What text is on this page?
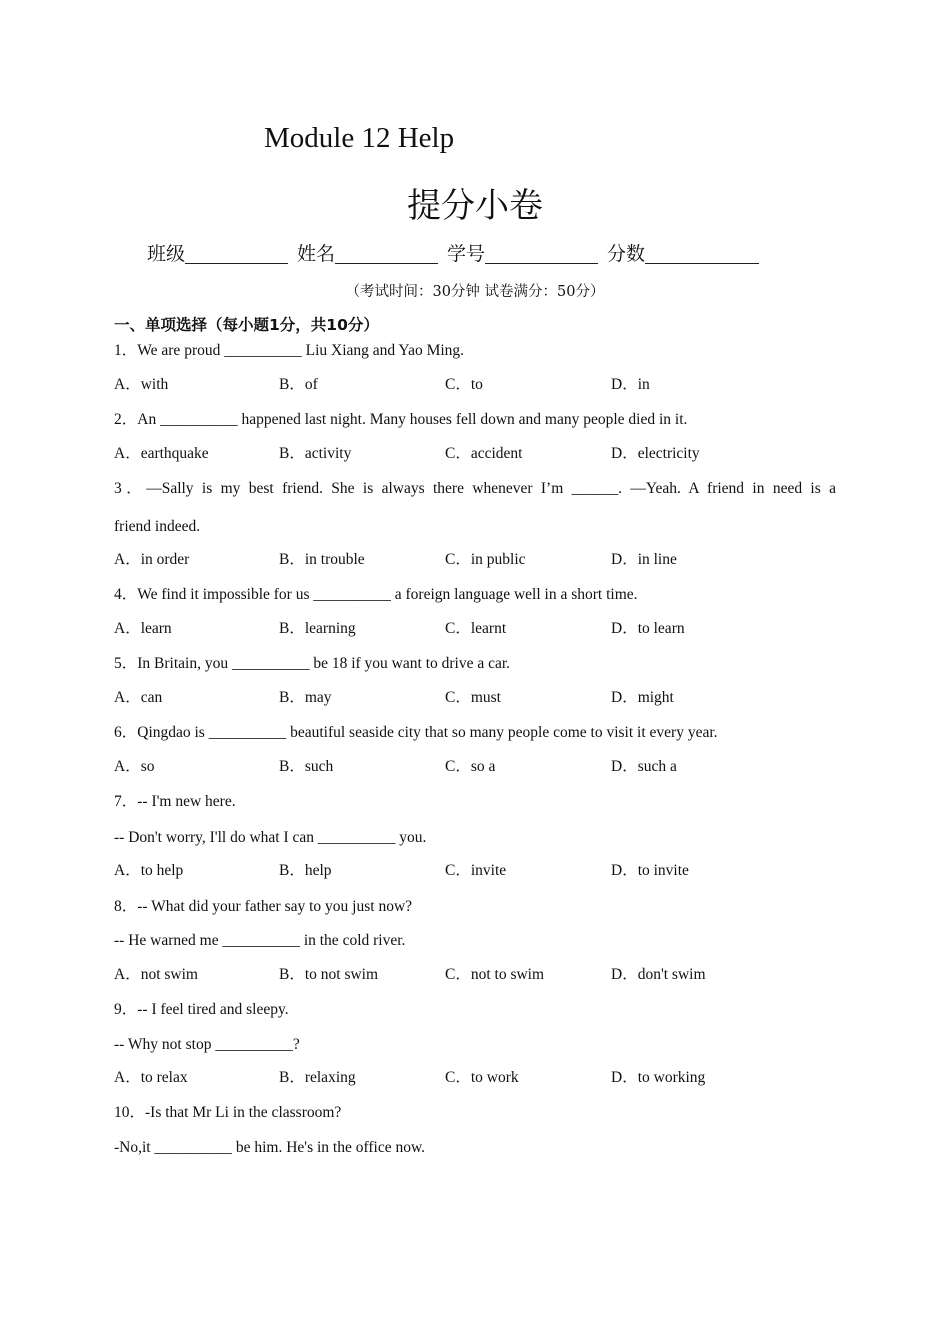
Module 12 Help
提分小卷
班级	姓名	学号	分数
（考试时间：30分钟 试卷满分：50分）
一、单项选择（每小题1分，共10分）
1．We are proud __________ Liu Xiang and Yao Ming.
A．with	B．of	C．to	D．in
2．An __________ happened last night. Many houses fell down and many people died in it.
A．earthquake	B．activity	C．accident	D．electricity
3．—Sally is my best friend. She is always there whenever I’m ______. —Yeah. A friend in need is a
friend indeed.
A．in order	B．in trouble	C．in public	D．in line
4．We find it impossible for us __________ a foreign language well in a short time.
A．learn	B．learning	C．learnt	D．to learn
5．In Britain, you __________ be 18 if you want to drive a car.
A．can	B．may	C．must	D．might
6．Qingdao is __________ beautiful seaside city that so many people come to visit it every year.
A．so	B．such	C．so a	D．such a
7．-- I'm new here.
-- Don't worry, I'll do what I can __________ you.
A．to help	B．help	C．invite	D．to invite
8．-- What did your father say to you just now?
-- He warned me __________ in the cold river.
A．not swim	B．to not swim	C．not to swim	D．don't swim
9．-- I feel tired and sleepy.
-- Why not stop __________?
A．to relax	B．relaxing	C．to work	D．to working
10．-Is that Mr Li in the classroom?
-No,it __________ be him. He's in the office now.
